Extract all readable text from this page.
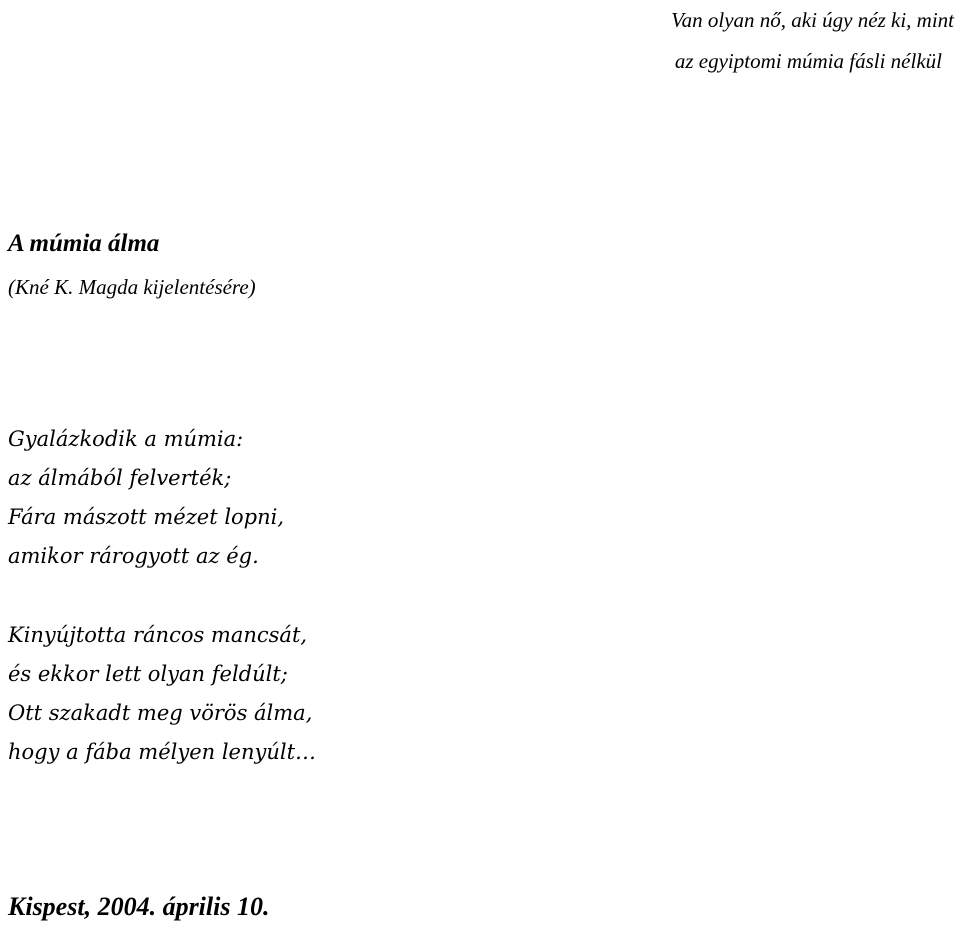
Van olyan nő, aki úgy néz ki, mint
az egyiptomi múmia fásli nélkül
A múmia álma
(Kné K. Magda kijelentésére)
Gyalázkodik a múmia:
az álmából felverték;
Fára mászott mézet lopni,
amikor rárogyott az ég.
Kinyújtotta ráncos mancsát,
és ekkor lett olyan feldúlt;
Ott szakadt meg vörös álma,
hogy a fába mélyen lenyúlt…
Kispest, 2004. április 10.
